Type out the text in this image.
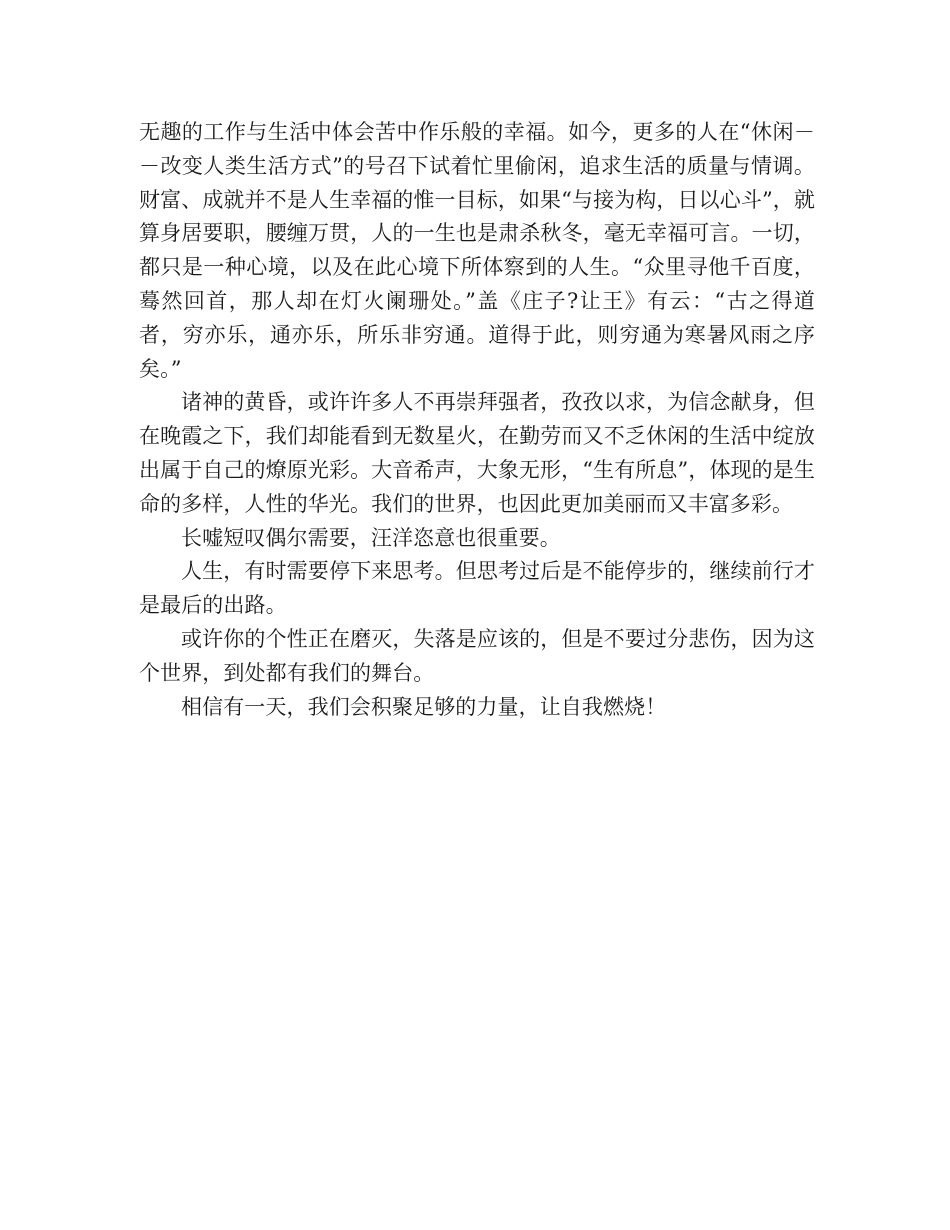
无趣的工作与生活中体会苦中作乐般的幸福。如今，更多的人在“休闲－－改变人类生活方式”的号召下试着忙里偷闲，追求生活的质量与情调。财富、成就并不是人生幸福的惟一目标，如果“与接为构，日以心斗”，就算身居要职，腰缠万贯，人的一生也是肃杀秋冬，毫无幸福可言。一切，都只是一种心境，以及在此心境下所体察到的人生。“众里寻他千百度，蓦然回首，那人却在灯火阑珊处。”盖《庄子?让王》有云：“古之得道者，穷亦乐，通亦乐，所乐非穷通。道得于此，则穷通为寒暑风雨之序矣。”

诸神的黄昏，或许许多人不再崇拜强者，孜孜以求，为信念献身，但在晚霞之下，我们却能看到无数星火，在勤劳而又不乏休闲的生活中绽放出属于自己的燎原光彩。大音希声，大象无形，“生有所息”，体现的是生命的多样，人性的华光。我们的世界，也因此更加美丽而又丰富多彩。

长嘘短叹偶尔需要，汪洋恣意也很重要。

人生，有时需要停下来思考。但思考过后是不能停步的，继续前行才是最后的出路。

或许你的个性正在磨灭，失落是应该的，但是不要过分悲伤，因为这个世界，到处都有我们的舞台。

相信有一天，我们会积聚足够的力量，让自我燃烧！
